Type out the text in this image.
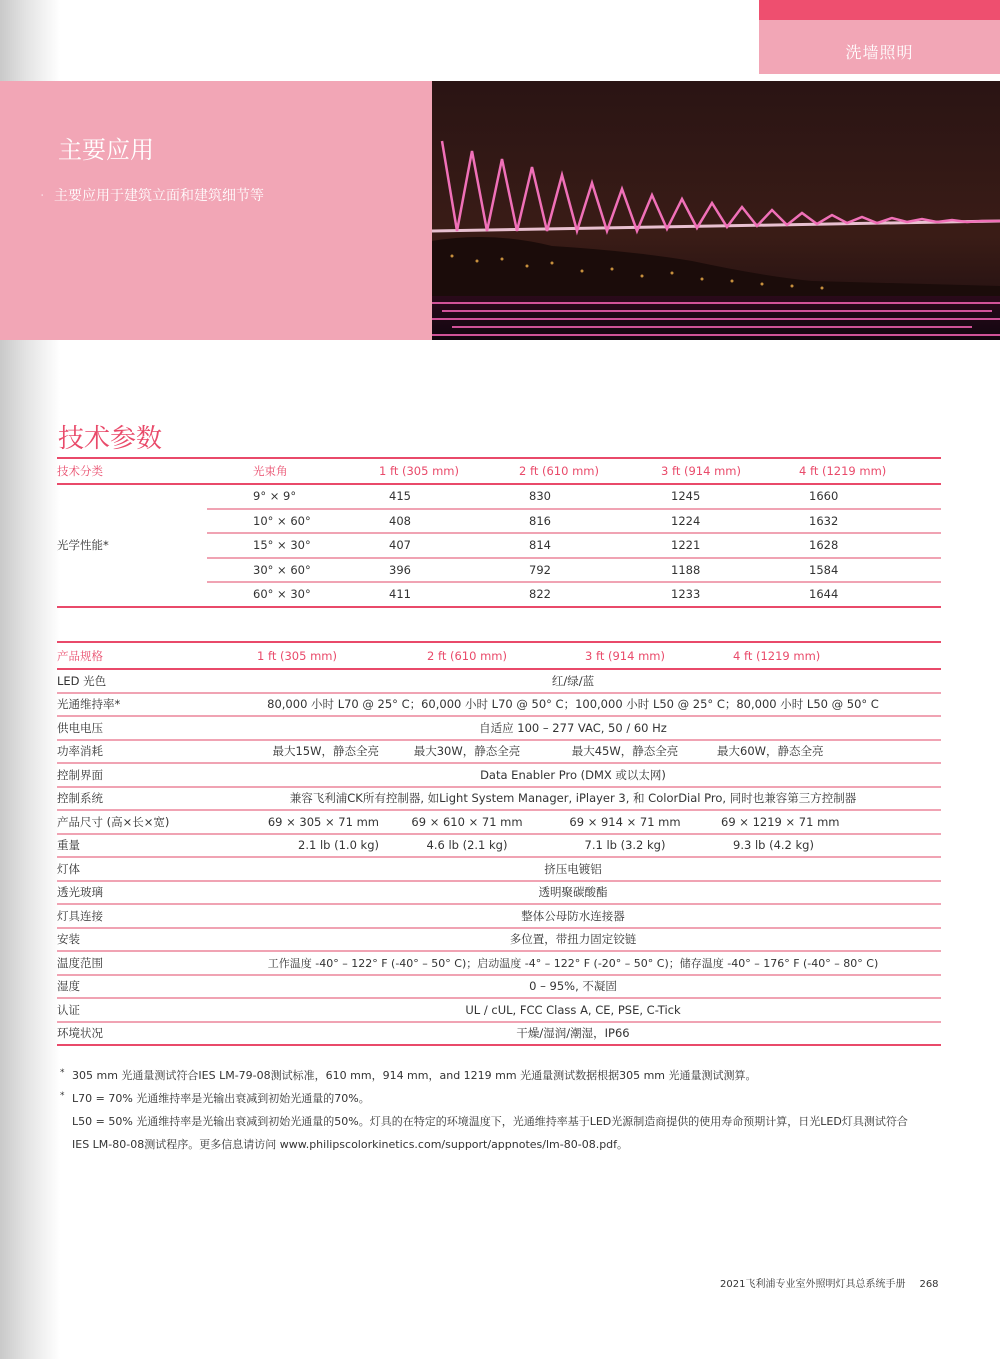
洗墙照明
主要应用
· 主要应用于建筑立面和建筑细节等
技术参数
技术分类	光束角	1 ft (305 mm)	2 ft (610 mm)	3 ft (914 mm)	4 ft (1219 mm)
光学性能*	9° × 9°	415	830	1245	1660
	10° × 60°	408	816	1224	1632
	15° × 30°	407	814	1221	1628
	30° × 60°	396	792	1188	1584
	60° × 30°	411	822	1233	1644
产品规格	1 ft (305 mm)	2 ft (610 mm)	3 ft (914 mm)	4 ft (1219 mm)
LED 光色	红/绿/蓝			
光通维持率*	80,000 小时 L70 @ 25° C；60,000 小时 L70 @ 50° C；100,000 小时 L50 @ 25° C；80,000 小时 L50 @ 50° C			
供电电压	自适应 100 – 277 VAC, 50 / 60 Hz			
功率消耗	最大15W，静态全亮	最大30W，静态全亮	最大45W，静态全亮	最大60W，静态全亮
控制界面	Data Enabler Pro (DMX 或以太网)			
控制系统	兼容飞利浦CK所有控制器, 如Light System Manager, iPlayer 3, 和 ColorDial Pro, 同时也兼容第三方控制器			
产品尺寸 (高×长×宽)	69 × 305 × 71 mm	69 × 610 × 71 mm	69 × 914 × 71 mm	69 × 1219 × 71 mm
重量	2.1 lb (1.0 kg)	4.6 lb (2.1 kg)	7.1 lb (3.2 kg)	9.3 lb (4.2 kg)
灯体	挤压电镀铝			
透光玻璃	透明聚碳酸酯			
灯具连接	整体公母防水连接器			
安装	多位置，带扭力固定铰链			
温度范围	工作温度 -40° – 122° F (-40° – 50° C)；启动温度 -4° – 122° F (-20° – 50° C)；储存温度 -40° – 176° F (-40° – 80° C)			
湿度	0 – 95%, 不凝固			
认证	UL / cUL, FCC Class A, CE, PSE, C-Tick			
环境状况	干燥/湿润/潮湿，IP66			
* 305 mm 光通量测试符合IES LM-79-08测试标准，610 mm，914 mm，and 1219 mm 光通量测试数据根据305 mm 光通量测试测算。
* L70 = 70% 光通维持率是光输出衰减到初始光通量的70%。
L50 = 50% 光通维持率是光输出衰减到初始光通量的50%。灯具的在特定的环境温度下，光通维持率基于LED光源制造商提供的使用寿命预期计算，日光LED灯具测试符合
IES LM-80-08测试程序。更多信息请访问 www.philipscolorkinetics.com/support/appnotes/lm-80-08.pdf。
2021飞利浦专业室外照明灯具总系统手册 268
